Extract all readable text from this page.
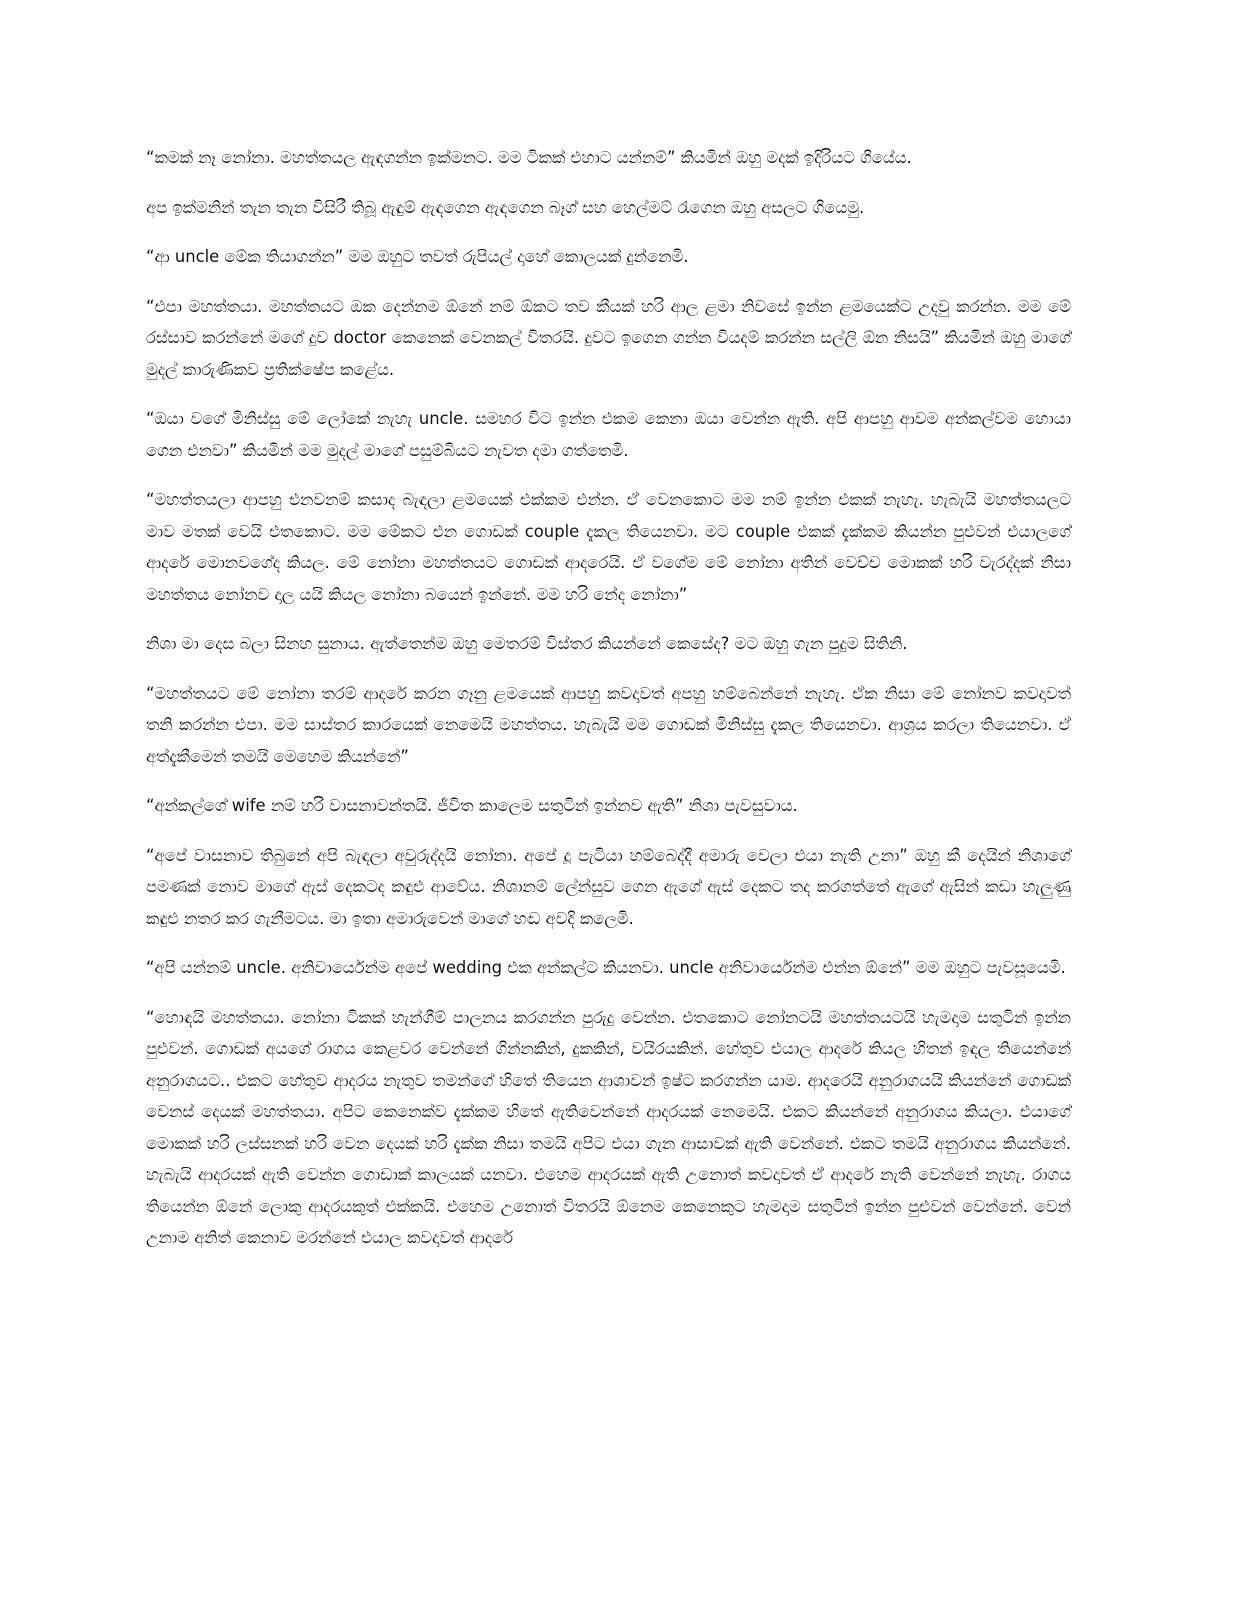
“කමක් නෑ නෝනා. මහත්තයල ඇඳගන්න ඉක්මනට. මම ටිකක් එහාට යන්නම්” කියමින් ඔහු මදක් ඉදිරියට ගියේය.

අප ඉක්මනින් තැන තැන විසිරී තිබූ ඇඳුම් ඇඳගෙන ඇඳගෙන බෑග් සහ හෙල්මට් රැගෙන ඔහු අසලට ගියෙමු.

“ආ uncle මේක තියාගන්න” මම ඔහුට තවත් රුපියල් දාහේ කොලයක් දුන්නෙමි.

“එපා මහත්තයා. මහත්තයට ඔක දෙන්නම ඕනේ නම් ඕකට තව කීයක් හරි ආල ළමා නිවසේ ඉන්න ළමයෙක්ට උදවු කරන්න. මම මේ රස්සාව කරන්නේ මගේ දුව doctor කෙනෙක් වෙනකල් විතරයි. දුවට ඉගෙන ගන්න වියදම් කරන්න සල්ලි ඕන නිසයි” කියමින් ඔහු මාගේ මුදල් කාරුණිකව ප්‍රතික්ෂේප කළේය.

“ඔයා වගේ මිනිස්සු මේ ලෝකේ නැහැ uncle. සමහර විට ඉන්න එකම කෙනා ඔයා වෙන්න ඇති. අපි ආපහු ආවම අන්කල්වම හොයා ගෙන එනවා” කියමින් මම මුදල් මාගේ පසුම්බියට නැවත දමා ගත්තෙමි.

“මහත්තයලා ආපහු එනවනම් කසාද බැඳලා ළමයෙක් එක්කම එන්න. ඒ වෙනකොට මම නම් ඉන්න එකක් නැහැ. හැබැයි මහත්තයලට මාව මතක් වෙයි එතකොට. මම මේකට එන ගොඩක් couple දැකල තියෙනවා. මට couple එකක් දැක්කම කියන්න පුළුවන් එයාලගේ ආදරේ මොනවගේද කියල. මේ නෝනා මහත්තයට ගොඩක් ආදරෙයි. ඒ වගේම මේ නෝනා අතින් වෙච්ච මොකක් හරි වැරද්දක් නිසා මහත්තය නෝනව දාල යයි කියල නෝනා බයෙන් ඉන්නේ. මම හරි නේද නෝනා”

නිශා මා දෙස බලා සිනහ සුනාය. ඇත්තෙන්ම ඔහු මෙතරම් විස්තර කියන්නේ කෙසේද? මට ඔහු ගැන පුදුම සිතිනි.

“මහත්තයට මේ නෝනා තරම් ආදරේ කරන ගෑනු ළමයෙක් ආපහු කවදාවත් අපහු හම්බෙන්නේ නැහැ. ඒක නිසා මේ නෝනව කවදාවත් තනි කරන්න එපා. මම සාස්තර කාරයෙක් නෙමෙයි මහත්තය. හැබැයි මම ගොඩක් මිනිස්සු දැකල තියෙනවා. ආශ්‍රය කරලා තියෙනවා. ඒ අත්දැකීමෙන් තමයි මෙහෙම කියන්නේ”

“අන්කල්ගේ wife නම් හරි වාසනාවන්තයි. ජීවිත කාලෙම සතුටින් ඉන්නව ඇති” නිශා පැවසුවාය.

“අපේ වාසනාව තිබුනේ අපි බැඳලා අවුරුද්දයි නෝනා. අපේ දූ පැටියා හම්බෙද්දී අමාරු වෙලා එයා නැති උනා” ඔහු කී දෙයින් නිශාගේ පමණක් නොව මාගේ ඇස් දෙකටද කඳුළු ආවේය. නිශානම් ලේන්සුව ගෙන ඇගේ ඇස් දෙකට තද කරගත්තේ ඇගේ ඇසින් කඩා හැලුණු කඳුළු නතර කර ගැනීමටය. මා ඉතා අමාරුවෙන් මාගේ හඬ අවදි කලෙමි.

“අපි යන්නම් uncle. අනිවාර්යෙන්ම අපේ wedding එක අන්කල්ට කියනවා. uncle අනිවාර්යෙන්ම එන්න ඕනේ” මම ඔහුට පැවසූයෙමි.

“හොඳයි මහත්තයා. නෝනා ටිකක් හැන්ගීම් පාලනය කරගන්න පුරුදු වෙන්න. එතකොට නෝනටයි මහත්තයටයි හැමදාම සතුටින් ඉන්න පුළුවන්. ගොඩක් අයගේ රාගය කෙළවර වෙන්නේ ගින්නකින්, දුකකින්, වයිරයකින්. හේතුව එයාල ආදරේ කියල හිතන් ඉඳල තියෙන්නේ අනුරාගයට.. එකට හේතුව ආදරය නැතුව තමන්ගේ හිතේ තියෙන ආශාවන් ඉෂ්ට කරගන්න යාම. ආදරෙයි අනුරාගයයි කියන්නේ ගොඩක් වෙනස් දෙයක් මහත්තයා. අපිට කෙනෙක්ව දැක්කම හිතේ ඇතිවෙන්නේ ආදරයක් නෙමෙයි. එකට කියන්නේ අනුරාගය කියලා. එයාගේ මොකක් හරි ලස්සනක් හරි වෙන දෙයක් හරි දැක්ක නිසා තමයි අපිට එයා ගැන ආසාවක් ඇති වෙන්නේ. එකට තමයි අනුරාගය කියන්නේ. හැබැයි ආදරයක් ඇති වෙන්න ගොඩාක් කාලයක් යනවා. එහෙම ආදරයක් ඇති උනොත් කවදාවත් ඒ ආදරේ නැති වෙන්නේ නැහැ. රාගය තියෙන්න ඕනේ ලොකු ආදරයකුත් එක්කයි. එහෙම උනොත් විතරයි ඕනෙම කෙනෙකුට හැමදාම සතුටින් ඉන්න පුළුවන් වෙන්නේ. වෙන් උනාම අනිත් කෙනාව මරන්නේ එයාල කවදාවත් ආදරේ
